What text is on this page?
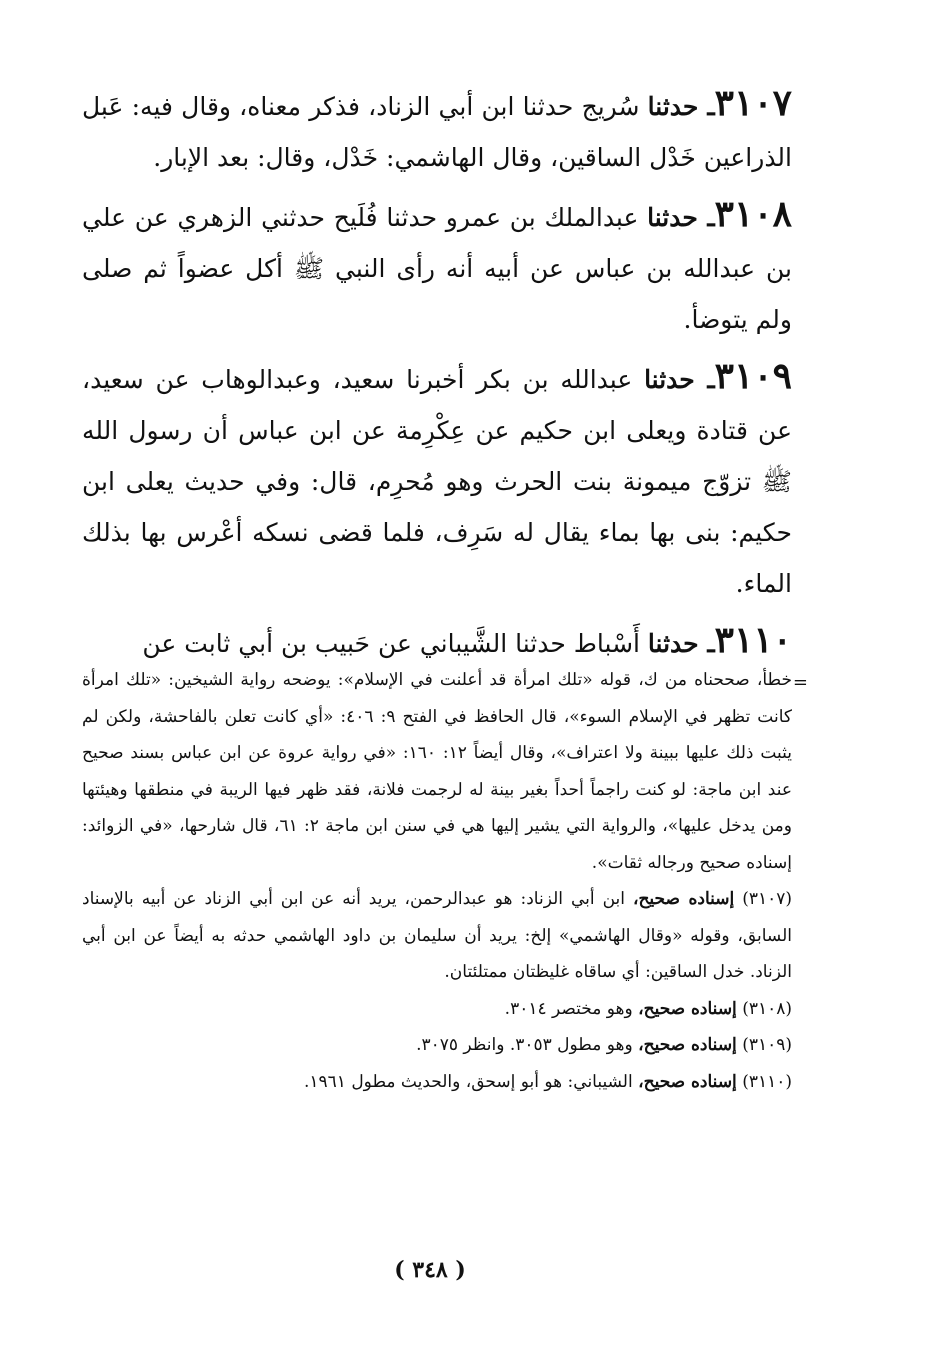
٣١٠٧ـ حدثنا سُريج حدثنا ابن أبي الزناد، فذكر معناه، وقال فيه: عَبل الذراعين خَدْل الساقين، وقال الهاشمي: خَدْل، وقال: بعد الإبار.

٣١٠٨ـ حدثنا عبدالملك بن عمرو حدثنا فُلَيح حدثني الزهري عن علي بن عبدالله بن عباس عن أبيه أنه رأى النبي ﷺ أكل عضواً ثم صلى ولم يتوضأ.

٣١٠٩ـ حدثنا عبدالله بن بكر أخبرنا سعيد، وعبدالوهاب عن سعيد، عن قتادة ويعلى ابن حكيم عن عِكْرِمة عن ابن عباس أن رسول الله ﷺ تزوّج ميمونة بنت الحرث وهو مُحرِم، قال: وفي حديث يعلى ابن حكيم: بنى بها بماء يقال له سَرِف، فلما قضى نسكه أعْرس بها بذلك الماء.

٣١١٠ـ حدثنا أَسْباط حدثنا الشَّيباني عن حَبيب بن أبي ثابت عن

=

خطأ، صححناه من ك، قوله «تلك امرأة قد أعلنت في الإسلام»: يوضحه رواية الشيخين: «تلك امرأة كانت تظهر في الإسلام السوء»، قال الحافظ في الفتح ٩: ٤٠٦: «أي كانت تعلن بالفاحشة، ولكن لم يثبت ذلك عليها ببينة ولا اعتراف»، وقال أيضاً ١٢: ١٦٠: «في رواية عروة عن ابن عباس بسند صحيح عند ابن ماجة: لو كنت راجماً أحداً بغير بينة له لرجمت فلانة، فقد ظهر فيها الريبة في منطقها وهيئتها ومن يدخل عليها»، والرواية التي يشير إليها هي في سنن ابن ماجة ٢: ٦١، قال شارحها، «في الزوائد: إسناده صحيح ورجاله ثقات».

(٣١٠٧) إسناده صحيح، ابن أبي الزناد: هو عبدالرحمن، يريد أنه عن ابن أبي الزناد عن أبيه بالإسناد السابق، وقوله «وقال الهاشمي» إلخ: يريد أن سليمان بن داود الهاشمي حدثه به أيضاً عن ابن أبي الزناد. خدل الساقين: أي ساقاه غليظتان ممتلئتان.

(٣١٠٨) إسناده صحيح، وهو مختصر ٣٠١٤.

(٣١٠٩) إسناده صحيح، وهو مطول ٣٠٥٣. وانظر ٣٠٧٥.

(٣١١٠) إسناده صحيح، الشيباني: هو أبو إسحق، والحديث مطول ١٩٦١.

( ٣٤٨ )
